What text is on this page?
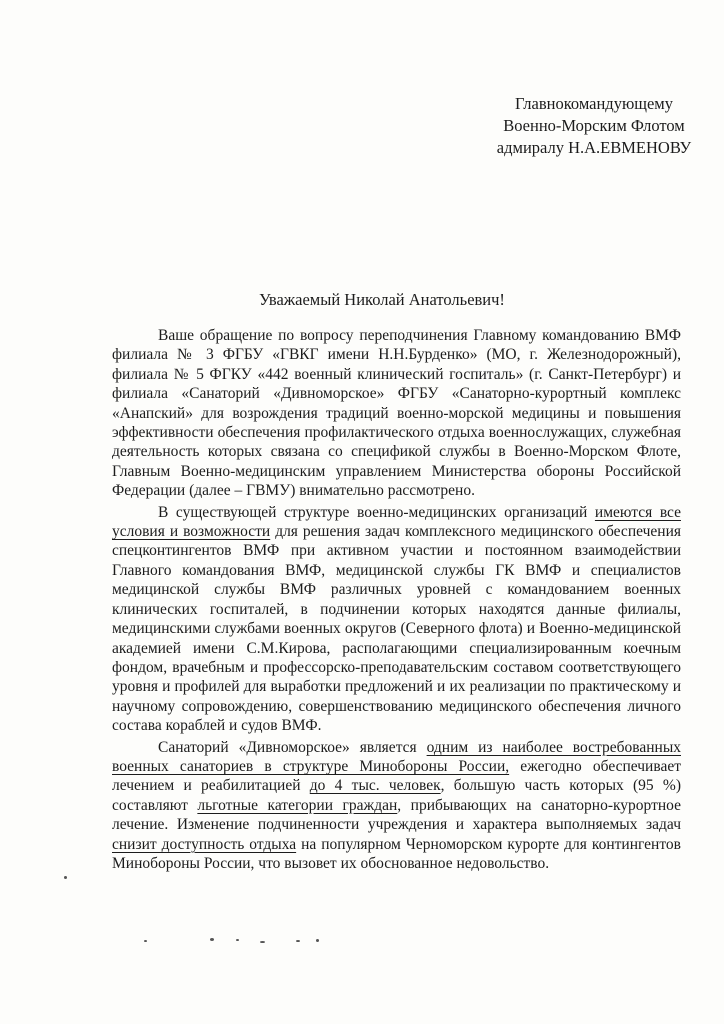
Главнокомандующему
Военно-Морским Флотом
адмиралу Н.А.ЕВМЕНОВУ
Уважаемый Николай Анатольевич!

Ваше обращение по вопросу переподчинения Главному командованию ВМФ филиала № 3 ФГБУ «ГВКГ имени Н.Н.Бурденко» (МО, г. Железнодорожный), филиала № 5 ФГКУ «442 военный клинический госпиталь» (г. Санкт-Петербург) и филиала «Санаторий «Дивноморское» ФГБУ «Санаторно-курортный комплекс «Анапский» для возрождения традиций военно-морской медицины и повышения эффективности обеспечения профилактического отдыха военнослужащих, служебная деятельность которых связана со спецификой службы в Военно-Морском Флоте, Главным Военно-медицинским управлением Министерства обороны Российской Федерации (далее – ГВМУ) внимательно рассмотрено.

В существующей структуре военно-медицинских организаций имеются все условия и возможности для решения задач комплексного медицинского обеспечения спецконтингентов ВМФ при активном участии и постоянном взаимодействии Главного командования ВМФ, медицинской службы ГК ВМФ и специалистов медицинской службы ВМФ различных уровней с командованием военных клинических госпиталей, в подчинении которых находятся данные филиалы, медицинскими службами военных округов (Северного флота) и Военно-медицинской академией имени С.М.Кирова, располагающими специализированным коечным фондом, врачебным и профессорско-преподавательским составом соответствующего уровня и профилей для выработки предложений и их реализации по практическому и научному сопровождению, совершенствованию медицинского обеспечения личного состава кораблей и судов ВМФ.

Санаторий «Дивноморское» является одним из наиболее востребованных военных санаториев в структуре Минобороны России, ежегодно обеспечивает лечением и реабилитацией до 4 тыс. человек, большую часть которых (95 %) составляют льготные категории граждан, прибывающих на санаторно-курортное лечение. Изменение подчиненности учреждения и характера выполняемых задач снизит доступность отдыха на популярном Черноморском курорте для контингентов Минобороны России, что вызовет их обоснованное недовольство.
